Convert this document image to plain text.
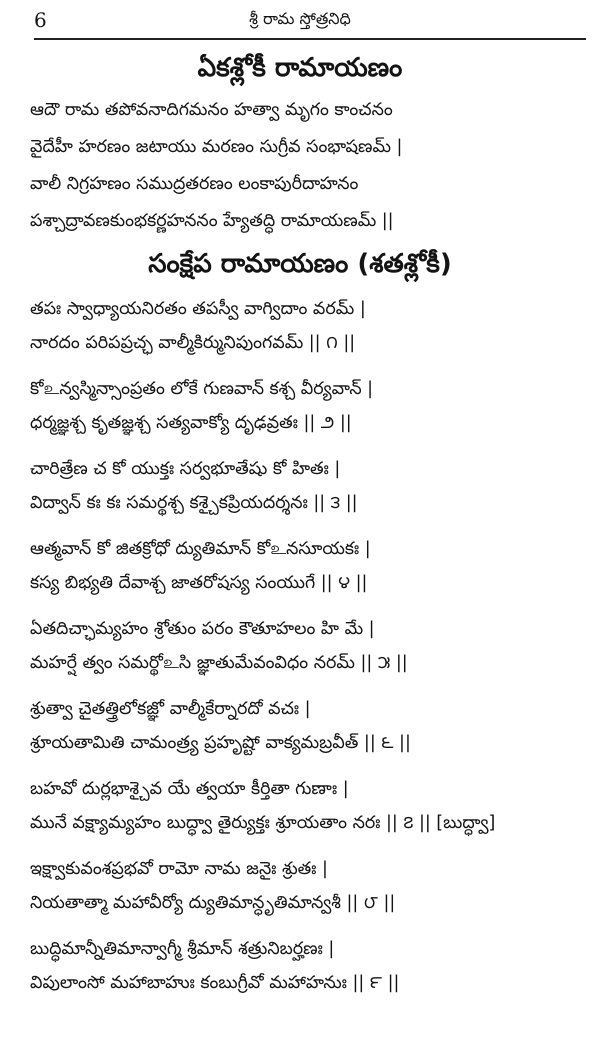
6	శ్రీ రామ స్తోత్రనిధి
ఏకశ్లోకీ రామాయణం
ఆదౌ రామ తపోవనాదిగమనం హత్వా మృగం కాంచనం
వైదేహీ హరణం జటాయు మరణం సుగ్రీవ సంభాషణమ్ |
వాలీ నిగ్రహణం సముద్రతరణం లంకాపురీదాహనం
పశ్చాద్రావణకుంభకర్ణహననం హ్యేతద్ధి రామాయణమ్ ||
సంక్షేప రామాయణం (శతశ్లోకీ)
తపః స్వాధ్యాయనిరతం తపస్వీ వాగ్విదాం వరమ్ |
నారదం పరిపప్రచ్ఛ వాల్మీకిర్మునిపుంగవమ్ || ౧ ||
కో‌உన్వస్మిన్సాంప్రతం లోకే గుణవాన్ కశ్చ వీర్యవాన్ |
ధర్మజ్ఞశ్చ కృతజ్ఞశ్చ సత్యవాక్యో దృఢవ్రతః || ౨ ||
చారిత్రేణ చ కో యుక్తః సర్వభూతేషు కో హితః |
విద్వాన్ కః కః సమర్థశ్చ కశ్చైకప్రియదర్శనః || ౩ ||
ఆత్మవాన్ కో జితక్రోధో ద్యుతిమాన్ కో‌உనసూయకః |
కస్య బిభ్యతి దేవాశ్చ జాతరోషస్య సంయుగే || ౪ ||
ఏతదిచ్ఛామ్యహం శ్రోతుం పరం కౌతూహలం హి మే |
మహర్షే త్వం సమర్థో‌உసి జ్ఞాతుమేవంవిధం నరమ్ || ౫ ||
శ్రుత్వా చైతత్త్రిలోకజ్ఞో వాల్మీకేర్నారదో వచః |
శ్రూయతామితి చామంత్ర్య ప్రహృష్టో వాక్యమబ్రవీత్ || ౬ ||
బహవో దుర్లభాశ్చైవ యే త్వయా కీర్తితా గుణాః |
మునే వక్ష్యామ్యహం బుద్ధ్వా తైర్యుక్తః శ్రూయతాం నరః || ౭ || [బుద్ధ్వా]
ఇక్ష్వాకువంశప్రభవో రామో నామ జనైః శ్రుతః |
నియతాత్మా మహావీర్యో ద్యుతిమాన్ధృతిమాన్వశీ || ౮ ||
బుద్ధిమాన్నీతిమాన్వాగ్మీ శ్రీమాన్ శత్రునిబర్హణః |
విపులాంసో మహాబాహుః కంబుగ్రీవో మహాహనుః || ౯ ||
